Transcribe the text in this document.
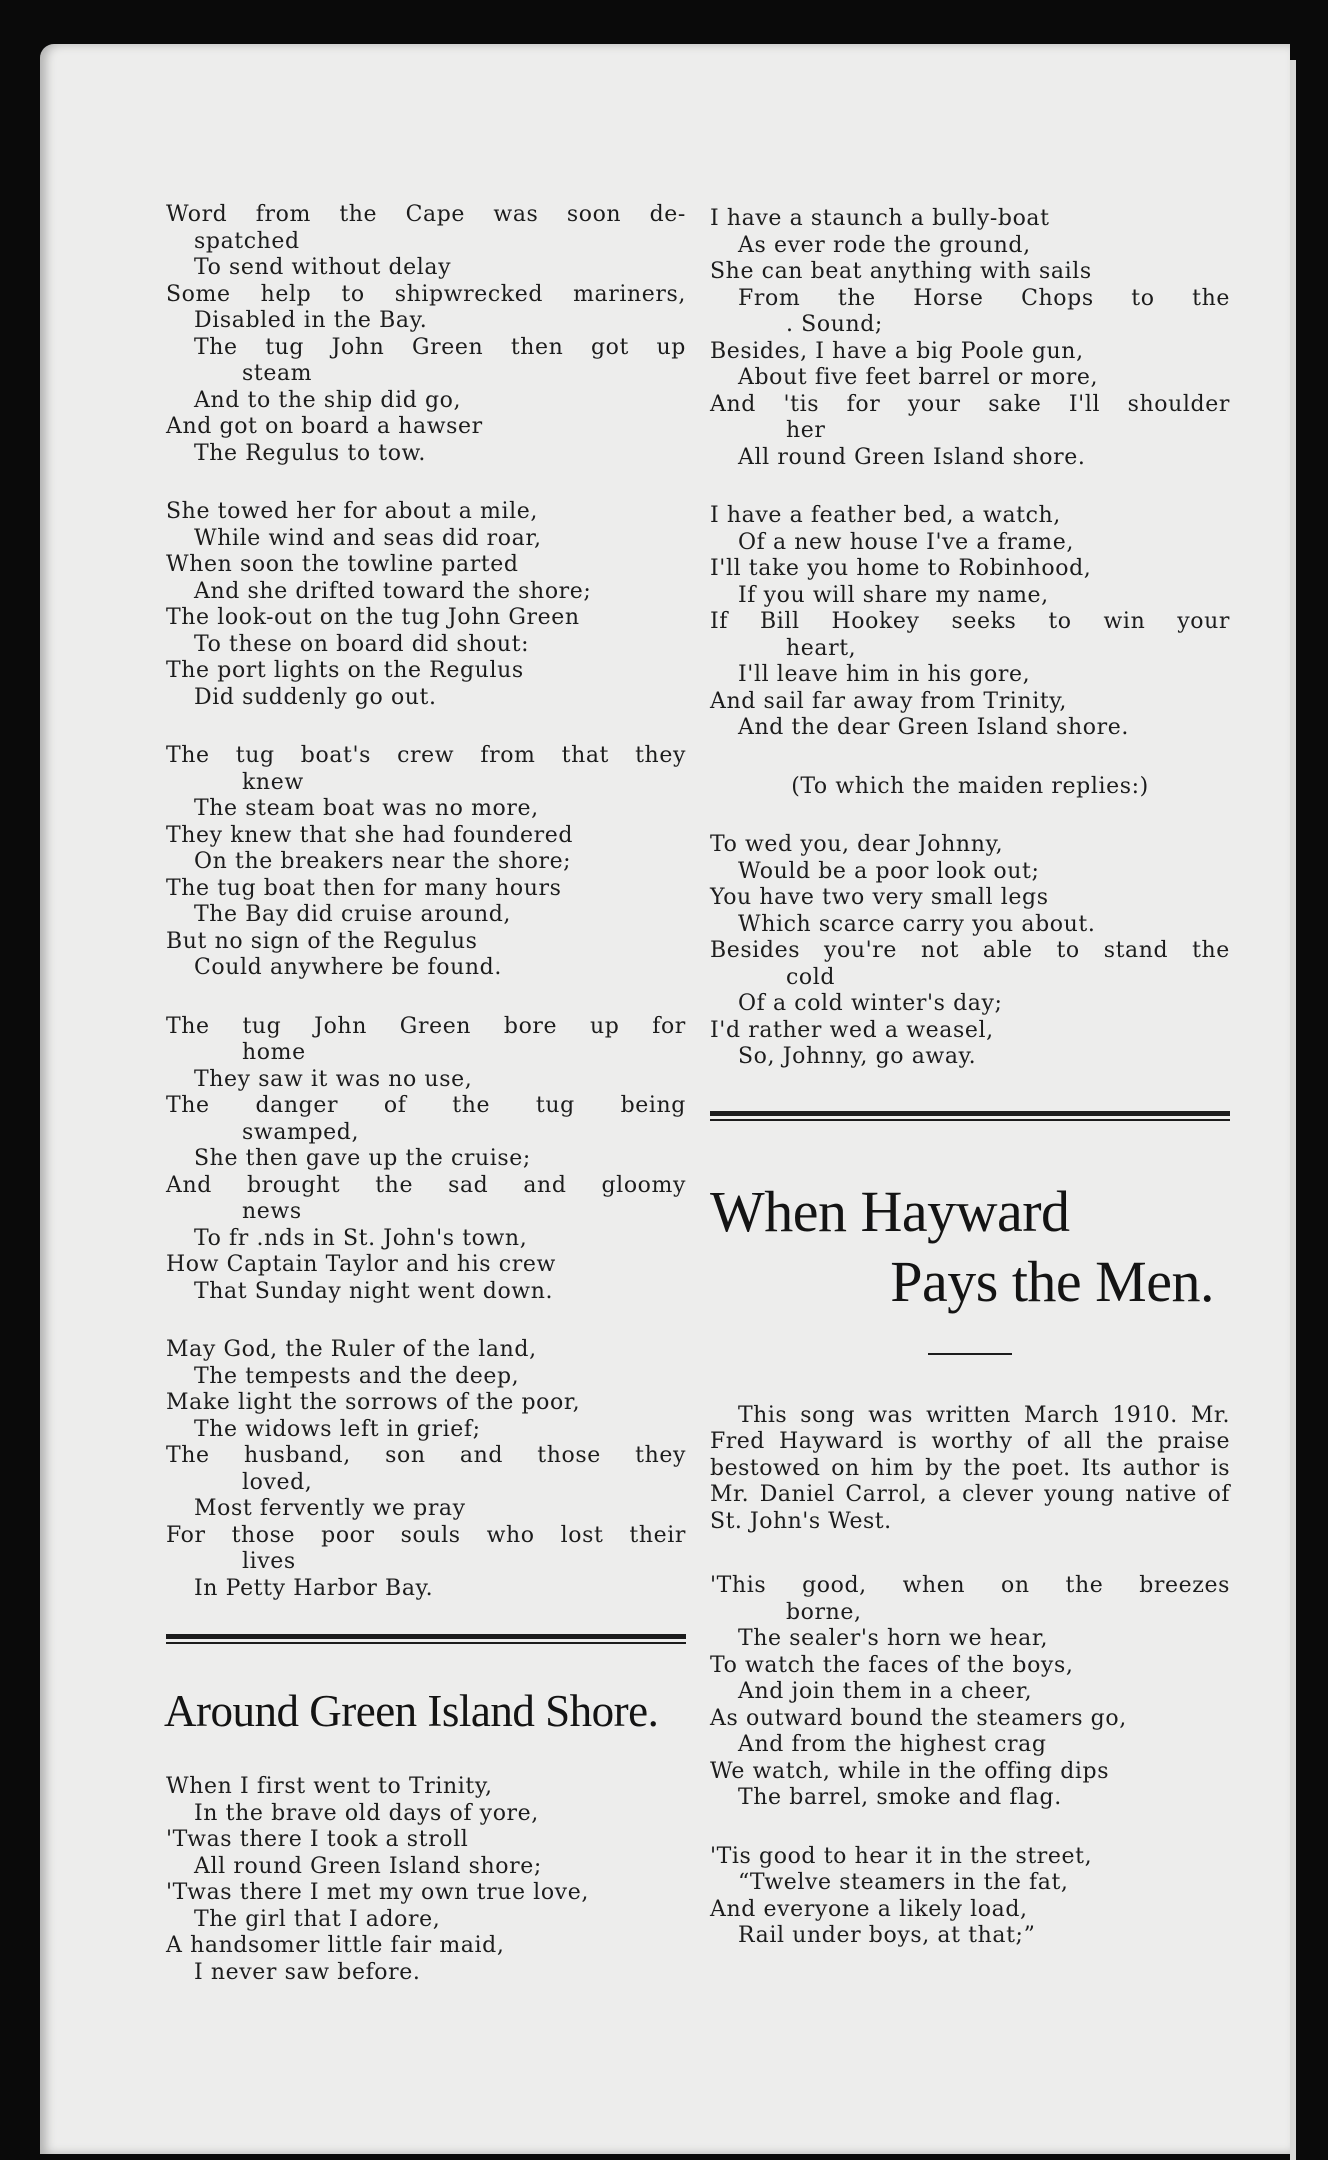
Word from the Cape was soon de-
spatched
To send without delay
Some help to shipwrecked mariners,
Disabled in the Bay.
The tug John Green then got up
steam
And to the ship did go,
And got on board a hawser
The Regulus to tow.
She towed her for about a mile,
While wind and seas did roar,
When soon the towline parted
And she drifted toward the shore;
The look-out on the tug John Green
To these on board did shout:
The port lights on the Regulus
Did suddenly go out.
The tug boat's crew from that they
knew
The steam boat was no more,
They knew that she had foundered
On the breakers near the shore;
The tug boat then for many hours
The Bay did cruise around,
But no sign of the Regulus
Could anywhere be found.
The tug John Green bore up for
home
They saw it was no use,
The danger of the tug being
swamped,
She then gave up the cruise;
And brought the sad and gloomy
news
To fr .nds in St. John's town,
How Captain Taylor and his crew
That Sunday night went down.
May God, the Ruler of the land,
The tempests and the deep,
Make light the sorrows of the poor,
The widows left in grief;
The husband, son and those they
loved,
Most fervently we pray
For those poor souls who lost their
lives
In Petty Harbor Bay.
Around Green Island Shore.
When I first went to Trinity,
In the brave old days of yore,
'Twas there I took a stroll
All round Green Island shore;
'Twas there I met my own true love,
The girl that I adore,
A handsomer little fair maid,
I never saw before.
I have a staunch a bully-boat
As ever rode the ground,
She can beat anything with sails
From the Horse Chops to the
. Sound;
Besides, I have a big Poole gun,
About five feet barrel or more,
And 'tis for your sake I'll shoulder
her
All round Green Island shore.
I have a feather bed, a watch,
Of a new house I've a frame,
I'll take you home to Robinhood,
If you will share my name,
If Bill Hookey seeks to win your
heart,
I'll leave him in his gore,
And sail far away from Trinity,
And the dear Green Island shore.
(To which the maiden replies:)
To wed you, dear Johnny,
Would be a poor look out;
You have two very small legs
Which scarce carry you about.
Besides you're not able to stand the
cold
Of a cold winter's day;
I'd rather wed a weasel,
So, Johnny, go away.
When Hayward
Pays the Men.
This song was written March 1910. Mr. Fred Hayward is worthy of all the praise bestowed on him by the poet. Its author is Mr. Daniel Carrol, a clever young native of St. John's West.
'This good, when on the breezes
borne,
The sealer's horn we hear,
To watch the faces of the boys,
And join them in a cheer,
As outward bound the steamers go,
And from the highest crag
We watch, while in the offing dips
The barrel, smoke and flag.
'Tis good to hear it in the street,
“Twelve steamers in the fat,
And everyone a likely load,
Rail under boys, at that;”
